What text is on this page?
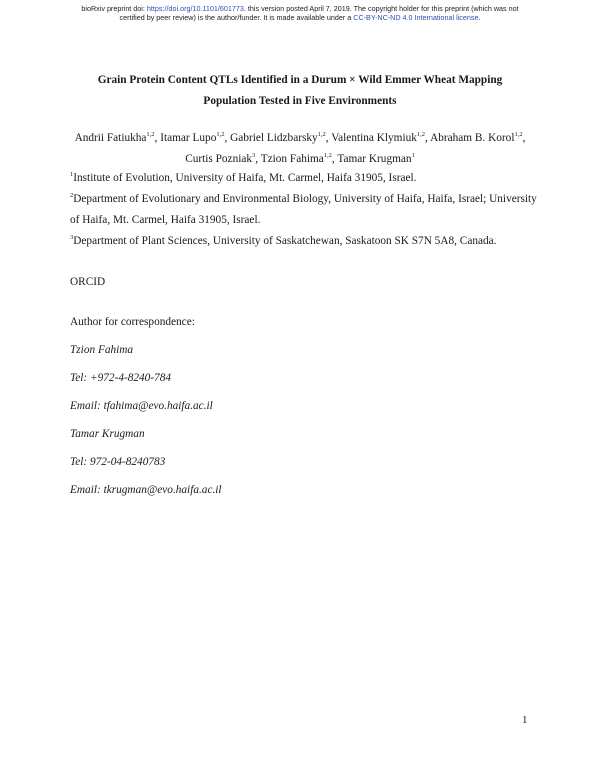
bioRxiv preprint doi: https://doi.org/10.1101/601773. this version posted April 7, 2019. The copyright holder for this preprint (which was not
certified by peer review) is the author/funder. It is made available under a CC-BY-NC-ND 4.0 International license.
Grain Protein Content QTLs Identified in a Durum × Wild Emmer Wheat Mapping
Population Tested in Five Environments
Andrii Fatiukha$^{1,2}$, Itamar Lupo$^{1,2}$, Gabriel Lidzbarsky$^{1,2}$, Valentina Klymiuk$^{1,2}$, Abraham B. Korol$^{1,2}$, Curtis Pozniak$^3$, Tzion Fahima$^{1,2}$, Tamar Krugman$^1$
$^1$Institute of Evolution, University of Haifa, Mt. Carmel, Haifa 31905, Israel.
$^2$Department of Evolutionary and Environmental Biology, University of Haifa, Haifa, Israel; University of Haifa, Mt. Carmel, Haifa 31905, Israel.
$^3$Department of Plant Sciences, University of Saskatchewan, Saskatoon SK S7N 5A8, Canada.
ORCID
Author for correspondence:
Tzion Fahima
Tel: +972-4-8240-784
Email: tfahima@evo.haifa.ac.il
Tamar Krugman
Tel: 972-04-8240783
Email: tkrugman@evo.haifa.ac.il
1
